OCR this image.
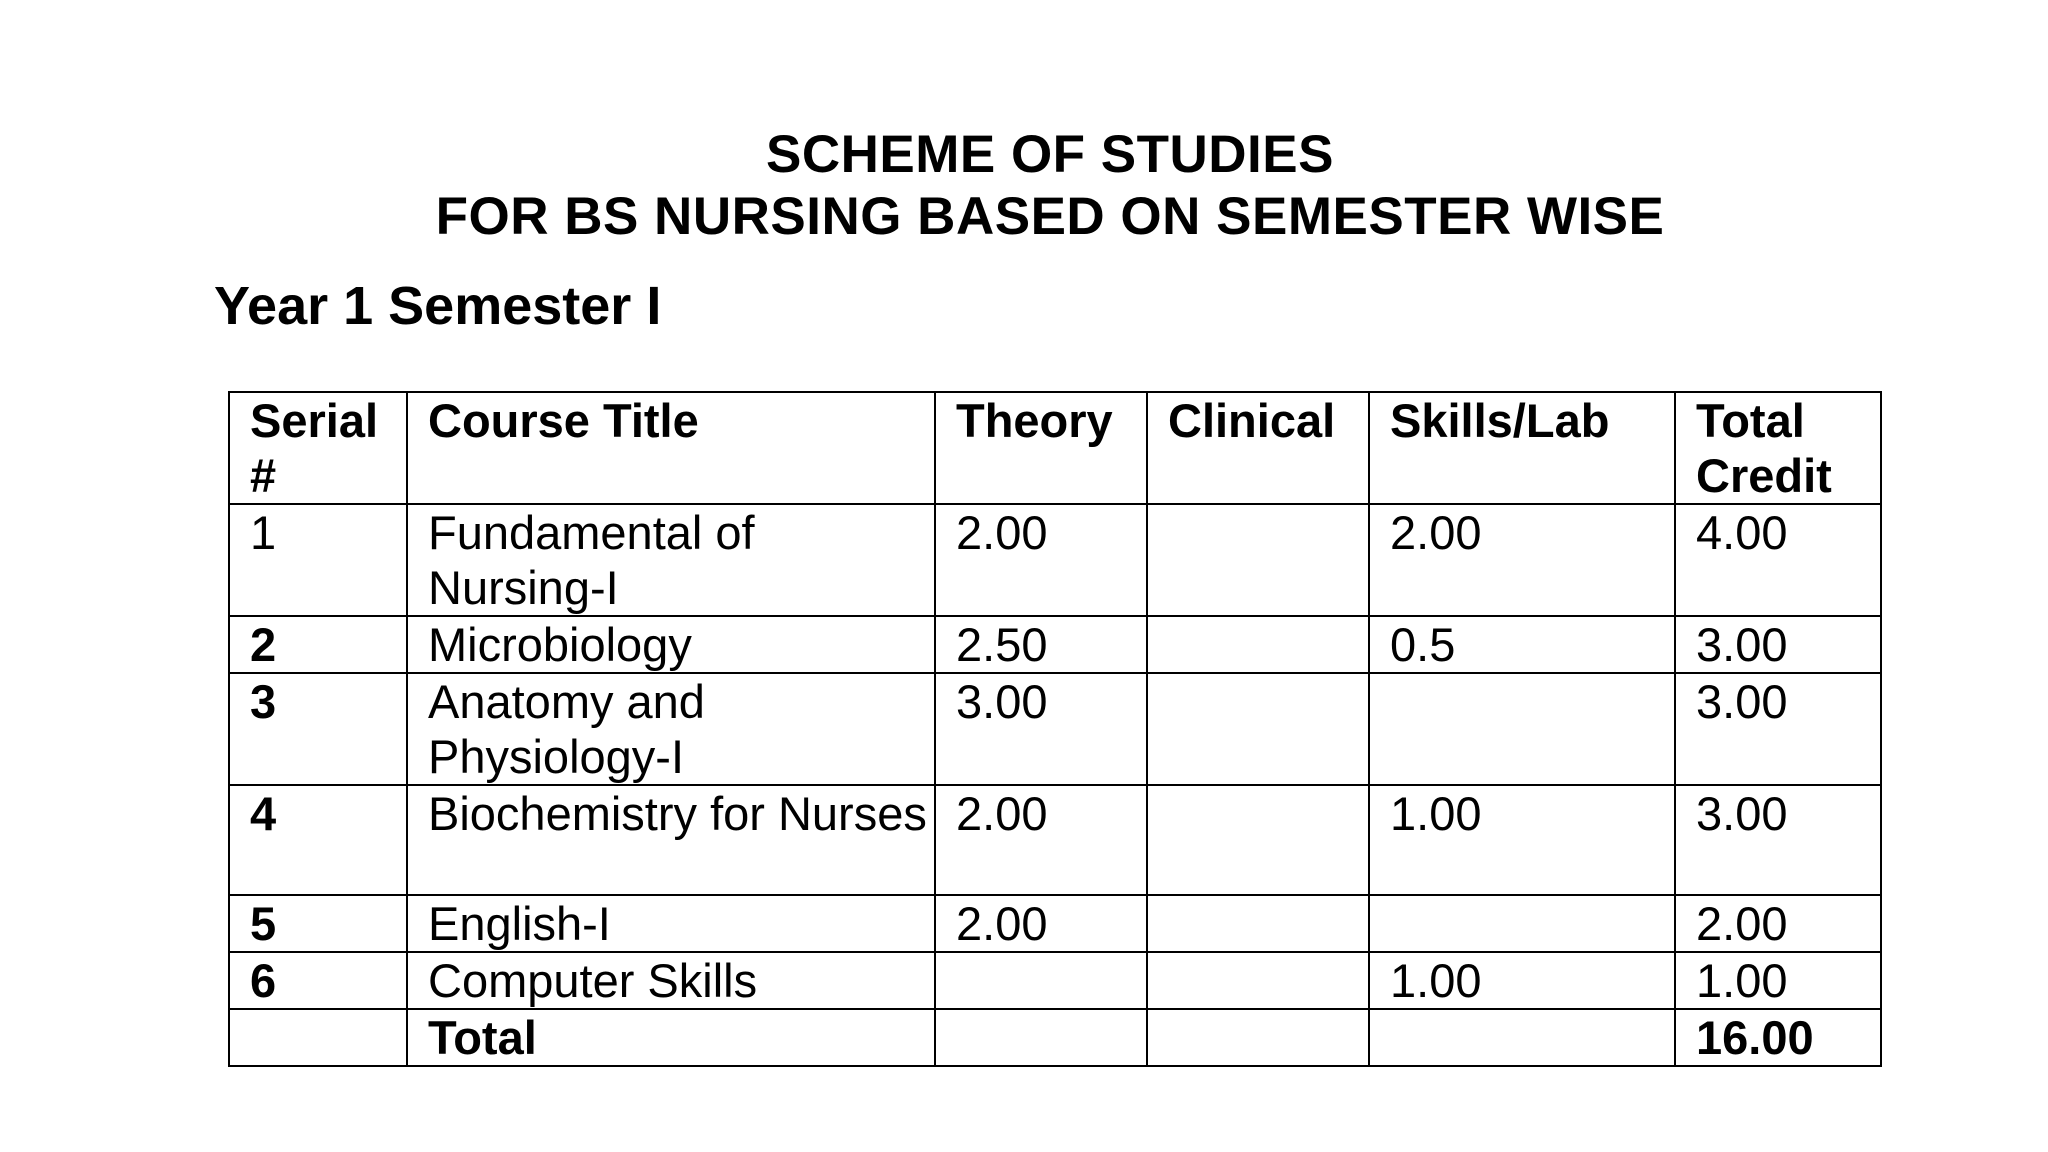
SCHEME OF STUDIES
FOR BS NURSING BASED ON SEMESTER WISE
Year 1 Semester I
Serial #	Course Title	Theory	Clinical	Skills/Lab	Total Credit
1	Fundamental of Nursing-I	2.00		2.00	4.00
2	Microbiology	2.50		0.5	3.00
3	Anatomy and Physiology-I	3.00			3.00
4	Biochemistry for Nurses	2.00		1.00	3.00
5	English-I	2.00			2.00
6	Computer Skills			1.00	1.00
	Total				16.00
